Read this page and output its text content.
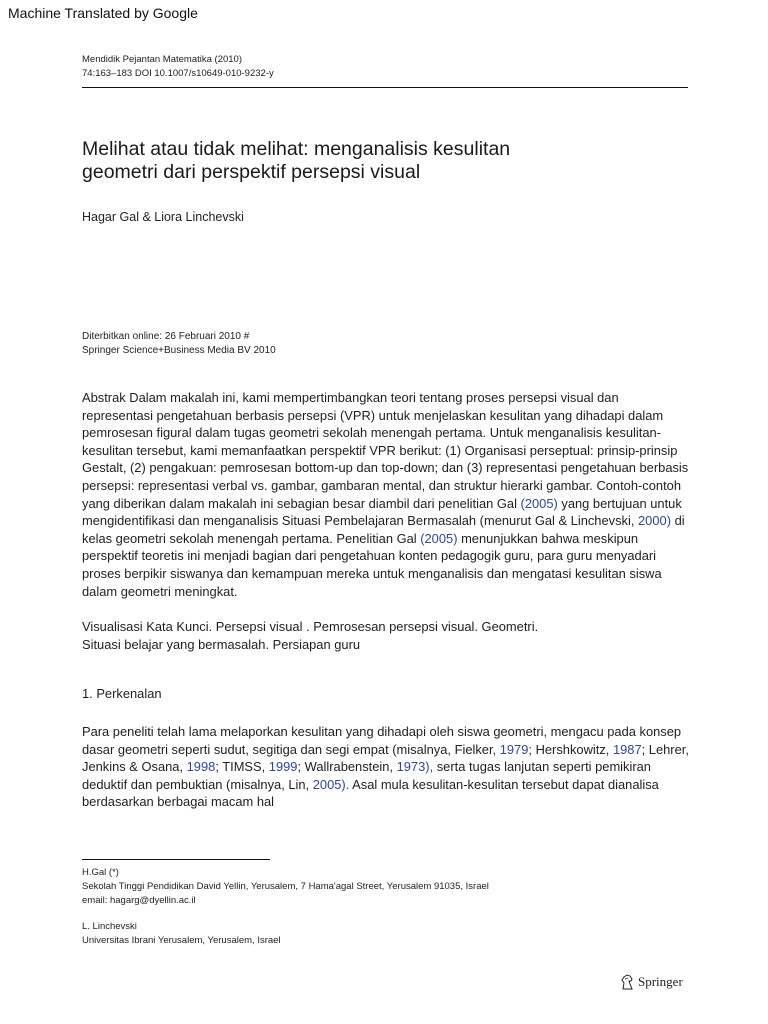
Machine Translated by Google
Mendidik Pejantan Matematika (2010)
74:163–183 DOI 10.1007/s10649-010-9232-y
Melihat atau tidak melihat: menganalisis kesulitan
geometri dari perspektif persepsi visual
Hagar Gal & Liora Linchevski
Diterbitkan online: 26 Februari 2010 #
Springer Science+Business Media BV 2010

Abstrak Dalam makalah ini, kami mempertimbangkan teori tentang proses persepsi visual dan representasi pengetahuan berbasis persepsi (VPR) untuk menjelaskan kesulitan yang dihadapi dalam pemrosesan figural dalam tugas geometri sekolah menengah pertama. Untuk menganalisis kesulitan-kesulitan tersebut, kami memanfaatkan perspektif VPR berikut: (1) Organisasi perseptual: prinsip-prinsip Gestalt, (2) pengakuan: pemrosesan bottom-up dan top-down; dan (3) representasi pengetahuan berbasis persepsi: representasi verbal vs. gambar, gambaran mental, dan struktur hierarki gambar. Contoh-contoh yang diberikan dalam makalah ini sebagian besar diambil dari penelitian Gal (2005) yang bertujuan untuk mengidentifikasi dan menganalisis Situasi Pembelajaran Bermasalah (menurut Gal & Linchevski, 2000) di kelas geometri sekolah menengah pertama. Penelitian Gal (2005) menunjukkan bahwa meskipun perspektif teoretis ini menjadi bagian dari pengetahuan konten pedagogik guru, para guru menyadari proses berpikir siswanya dan kemampuan mereka untuk menganalisis dan mengatasi kesulitan siswa dalam geometri meningkat.

Visualisasi Kata Kunci. Persepsi visual . Pemrosesan persepsi visual. Geometri.
Situasi belajar yang bermasalah. Persiapan guru

1. Perkenalan

Para peneliti telah lama melaporkan kesulitan yang dihadapi oleh siswa geometri, mengacu pada konsep dasar geometri seperti sudut, segitiga dan segi empat (misalnya, Fielker, 1979; Hershkowitz, 1987; Lehrer, Jenkins & Osana, 1998; TIMSS, 1999; Wallrabenstein, 1973), serta tugas lanjutan seperti pemikiran deduktif dan pembuktian (misalnya, Lin, 2005). Asal mula kesulitan-kesulitan tersebut dapat dianalisa berdasarkan berbagai macam hal

H.Gal (*)
Sekolah Tinggi Pendidikan David Yellin, Yerusalem, 7 Hama'agal Street, Yerusalem 91035, Israel
email: hagarg@dyellin.ac.il
L. Linchevski
Universitas Ibrani Yerusalem, Yerusalem, Israel
Springer
